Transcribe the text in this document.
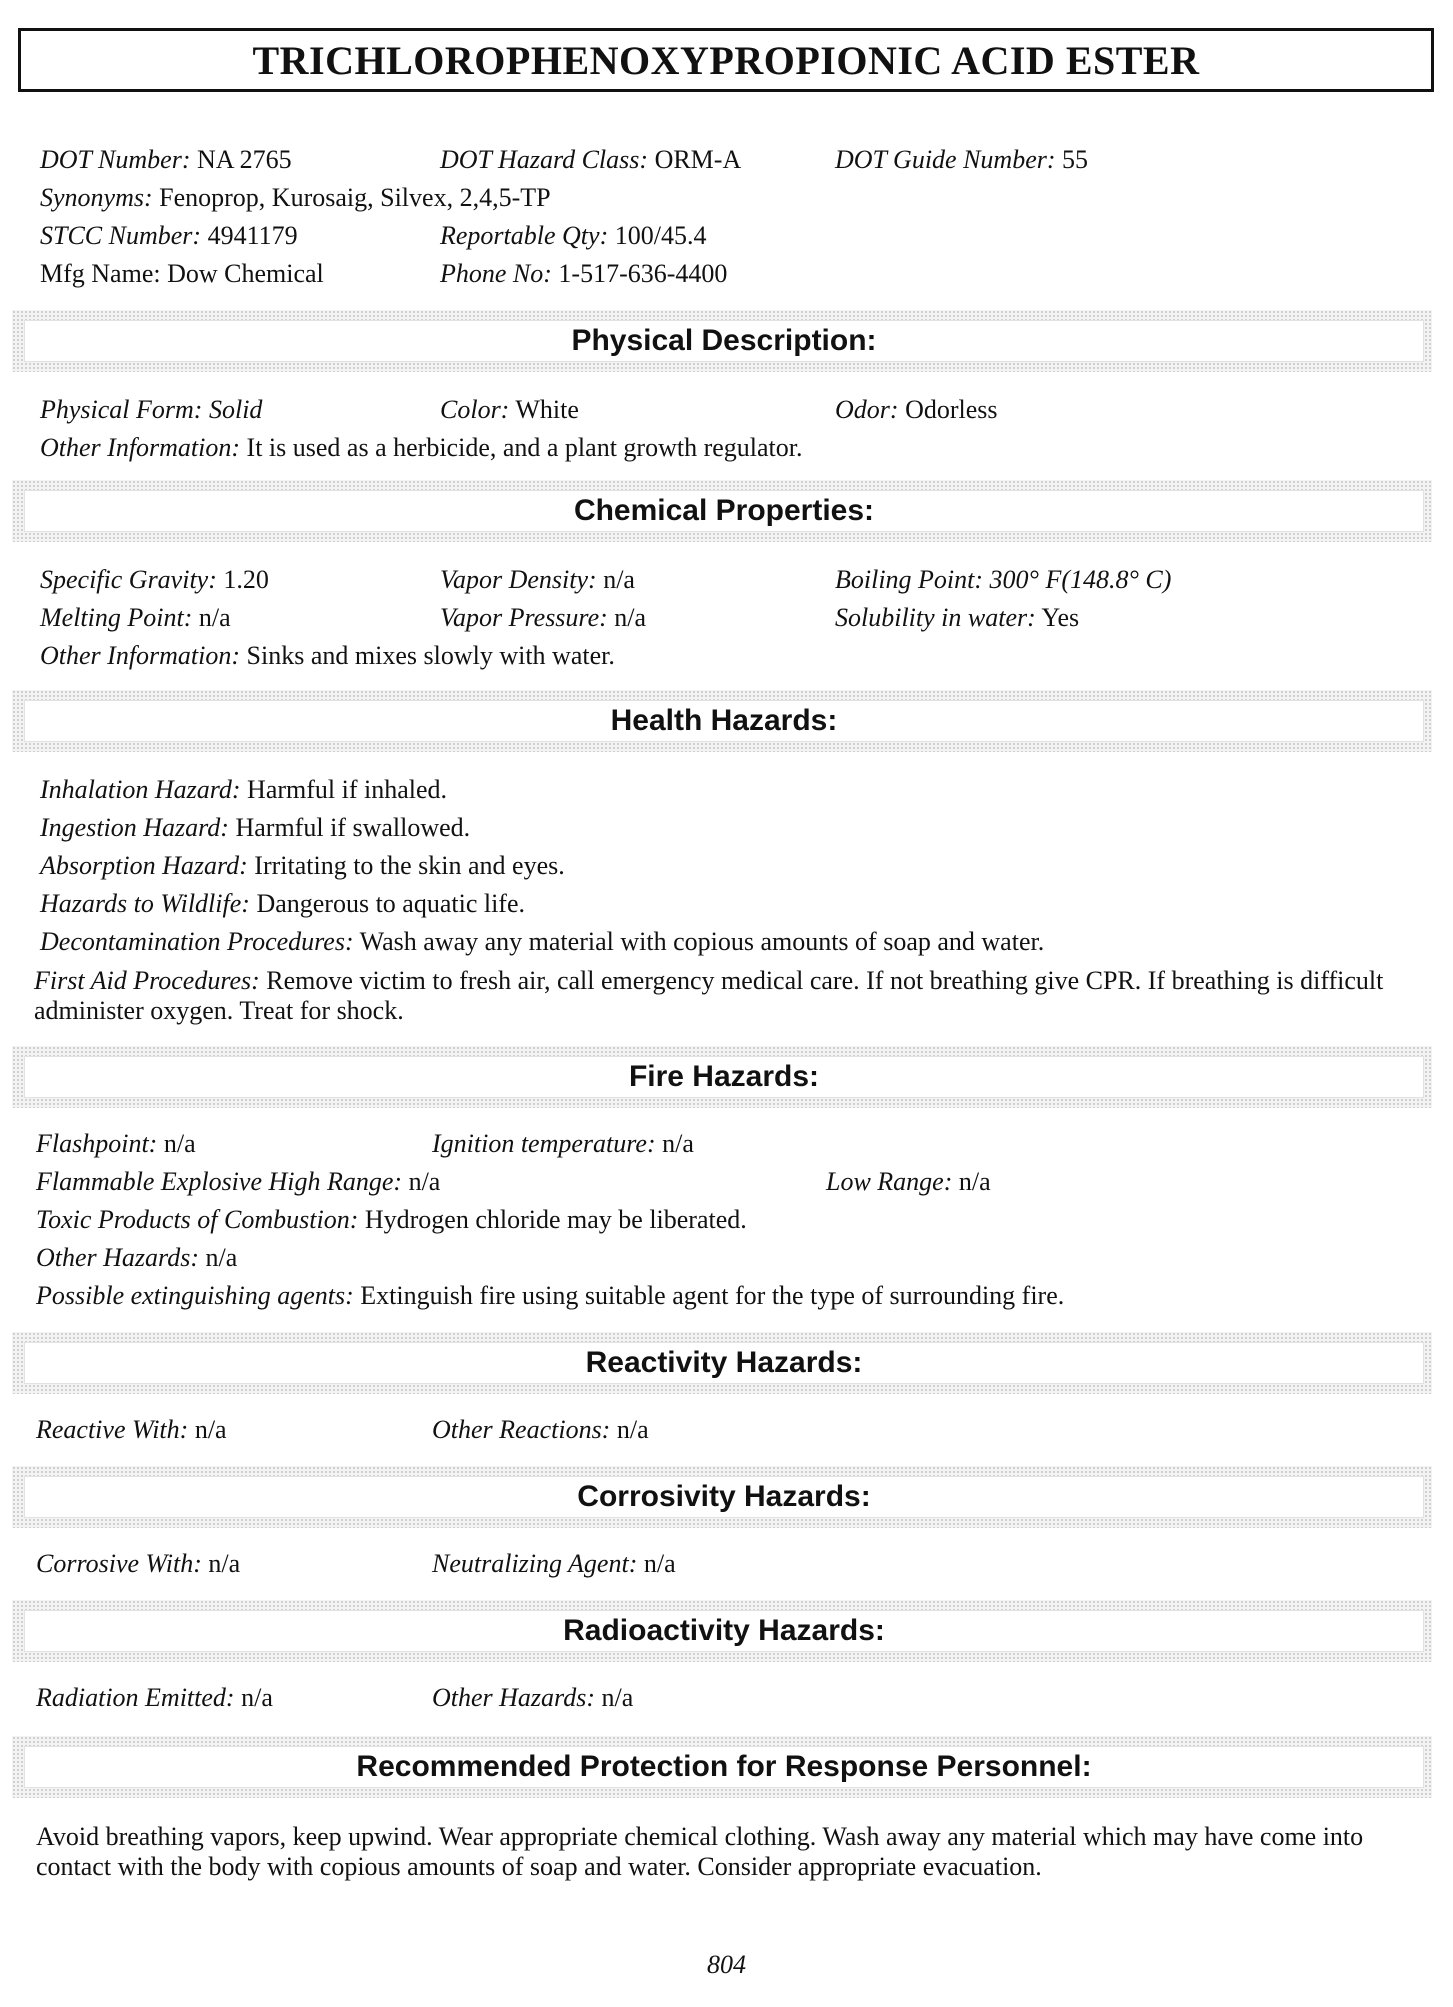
TRICHLOROPHENOXYPROPIONIC ACID ESTER
DOT Number: NA 2765	DOT Hazard Class: ORM-A	DOT Guide Number: 55
Synonyms: Fenoprop, Kurosaig, Silvex, 2,4,5-TP
STCC Number: 4941179	Reportable Qty: 100/45.4
Mfg Name: Dow Chemical	Phone No: 1-517-636-4400
Physical Description:
Physical Form: Solid	Color: White	Odor: Odorless
Other Information: It is used as a herbicide, and a plant growth regulator.
Chemical Properties:
Specific Gravity: 1.20	Vapor Density: n/a	Boiling Point: 300° F(148.8° C)
Melting Point: n/a	Vapor Pressure: n/a	Solubility in water: Yes
Other Information: Sinks and mixes slowly with water.
Health Hazards:
Inhalation Hazard: Harmful if inhaled.
Ingestion Hazard: Harmful if swallowed.
Absorption Hazard: Irritating to the skin and eyes.
Hazards to Wildlife: Dangerous to aquatic life.
Decontamination Procedures: Wash away any material with copious amounts of soap and water.
First Aid Procedures: Remove victim to fresh air, call emergency medical care. If not breathing give CPR. If breathing is difficult administer oxygen. Treat for shock.
Fire Hazards:
Flashpoint: n/a	Ignition temperature: n/a
Flammable Explosive High Range: n/a	Low Range: n/a
Toxic Products of Combustion: Hydrogen chloride may be liberated.
Other Hazards: n/a
Possible extinguishing agents: Extinguish fire using suitable agent for the type of surrounding fire.
Reactivity Hazards:
Reactive With: n/a	Other Reactions: n/a
Corrosivity Hazards:
Corrosive With: n/a	Neutralizing Agent: n/a
Radioactivity Hazards:
Radiation Emitted: n/a	Other Hazards: n/a
Recommended Protection for Response Personnel:
Avoid breathing vapors, keep upwind. Wear appropriate chemical clothing. Wash away any material which may have come into contact with the body with copious amounts of soap and water. Consider appropriate evacuation.
804
